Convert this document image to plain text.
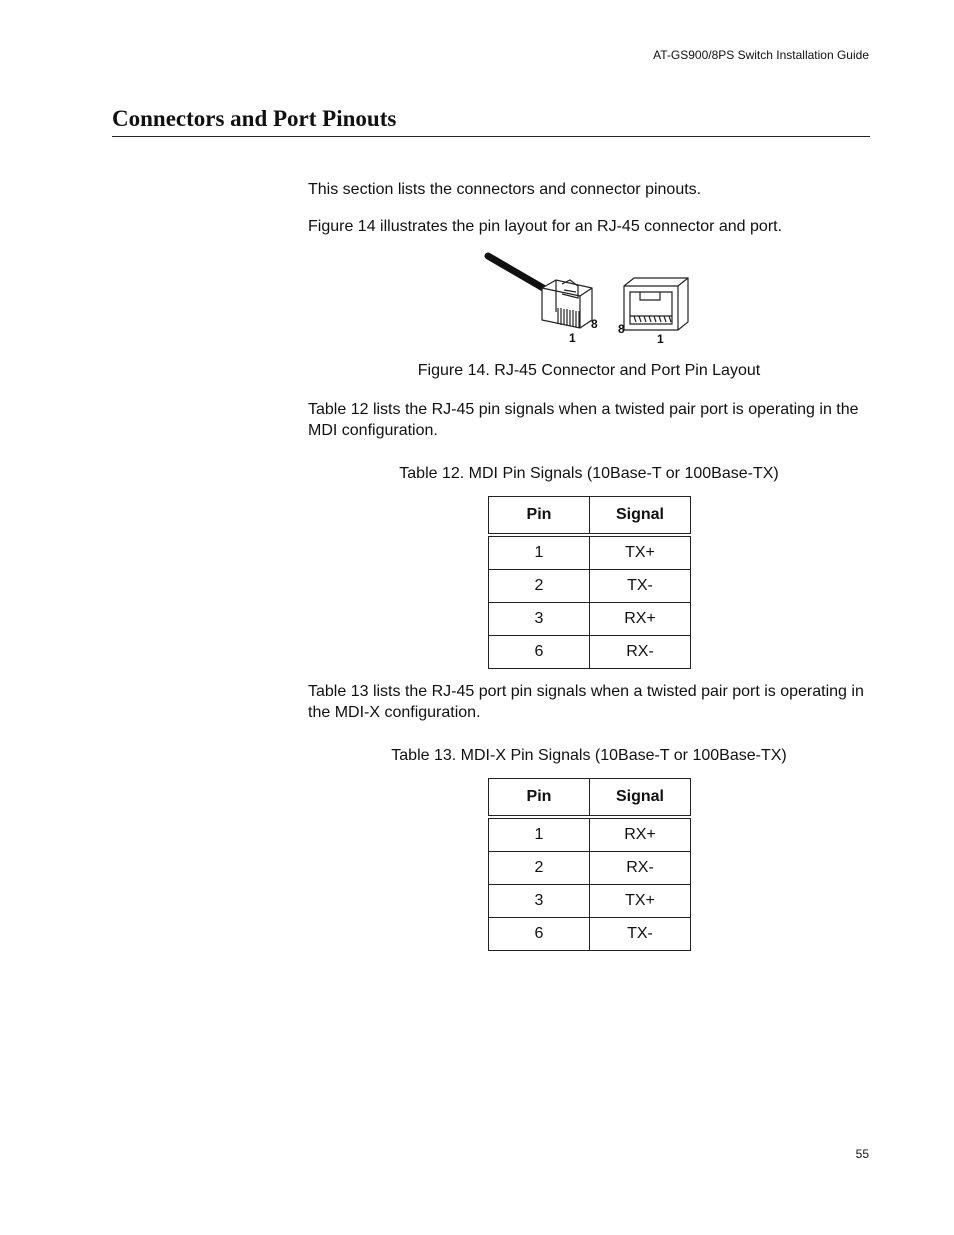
AT-GS900/8PS Switch Installation Guide
Connectors and Port Pinouts

This section lists the connectors and connector pinouts.

Figure 14 illustrates the pin layout for an RJ-45 connector and port.

1
8 8
1

Figure 14. RJ-45 Connector and Port Pin Layout

Table 12 lists the RJ-45 pin signals when a twisted pair port is operating in the MDI configuration.

Table 12. MDI Pin Signals (10Base-T or 100Base-TX)

Pin	Signal
1	TX+
2	TX-
3	RX+
6	RX-

Table 13 lists the RJ-45 port pin signals when a twisted pair port is operating in the MDI-X configuration.

Table 13. MDI-X Pin Signals (10Base-T or 100Base-TX)

Pin	Signal
1	RX+
2	RX-
3	TX+
6	TX-
55
